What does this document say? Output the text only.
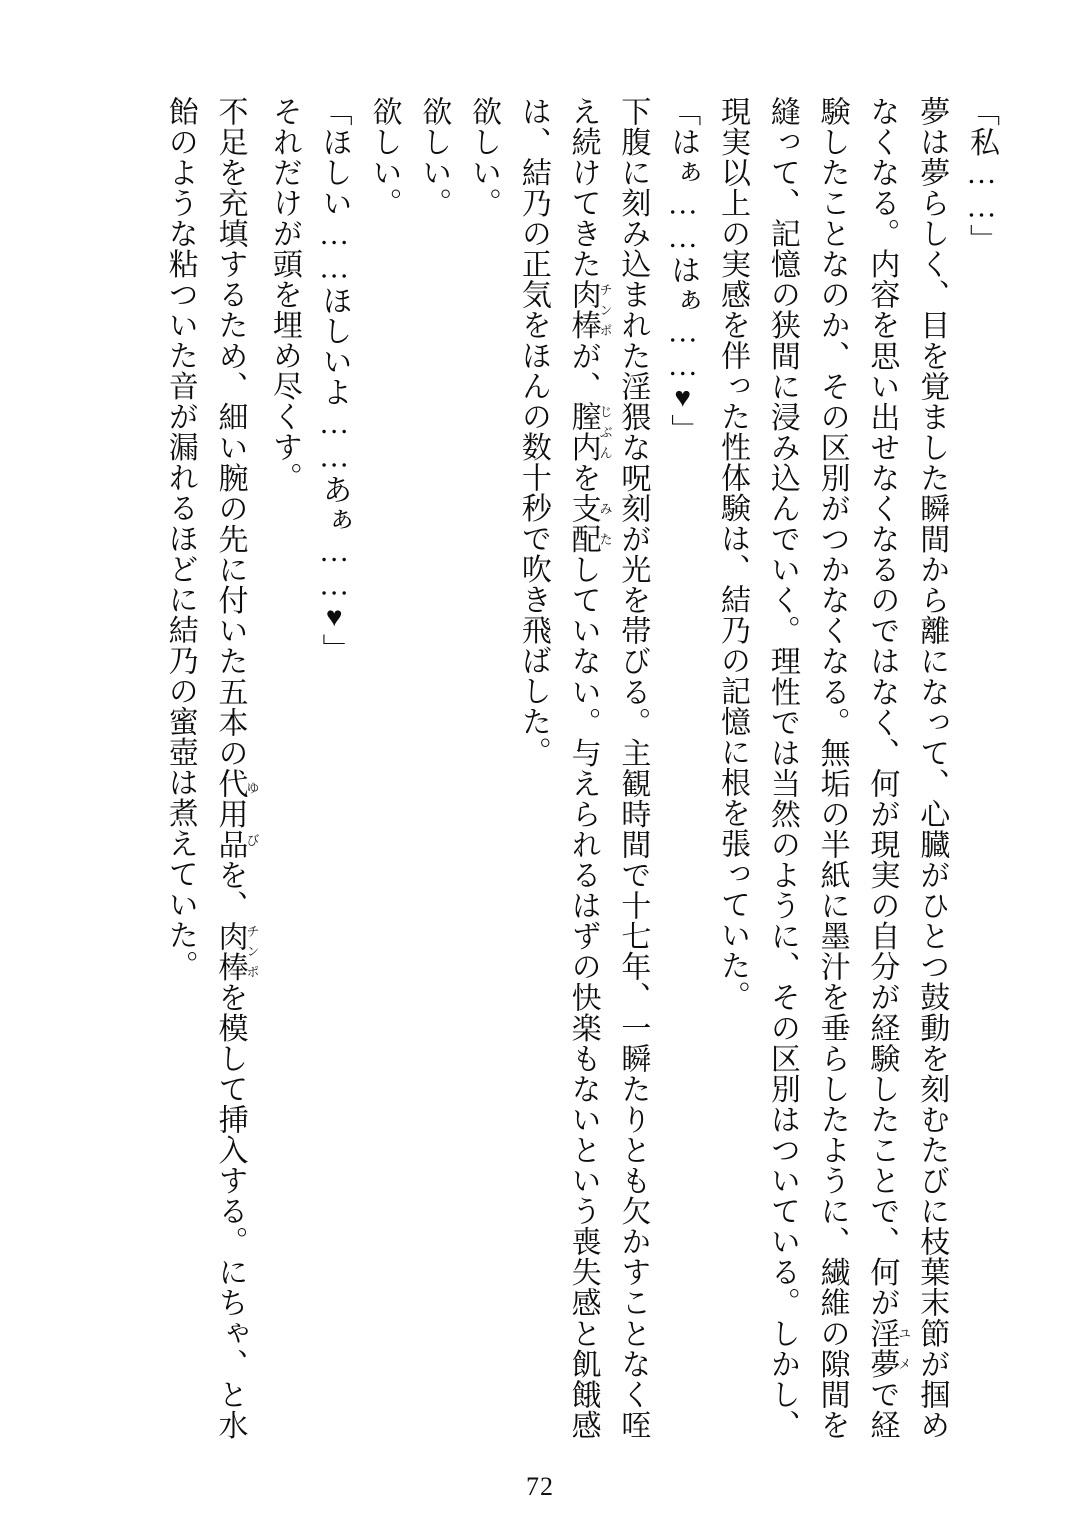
「私……」

夢は夢らしく、目を覚ました瞬間から離になって、心臓がひとつ鼓動を刻むたびに枝葉末節が掴めなくなる。内容を思い出せなくなるのではなく、何が現実の自分が経験したことで、何が淫夢ユメで経験したことなのか、その区別がつかなくなる。無垢の半紙に墨汁を垂らしたように、繊維の隙間を縫って、記憶の狭間に浸み込んでいく。理性では当然のように、その区別はついている。しかし、現実以上の実感を伴った性体験は、結乃の記憶に根を張っていた。

「はぁ……はぁ……♥」

下腹に刻み込まれた淫猥な呪刻が光を帯びる。主観時間で十七年、一瞬たりとも欠かすことなく咥え続けてきた肉棒チンポが、膣内じぶんを支配みたしていない。与えられるはずの快楽もないという喪失感と飢餓感は、結乃の正気をほんの数十秒で吹き飛ばした。

欲しい。

欲しい。

欲しい。

「ほしい……ほしいよ……あぁ……♥」

それだけが頭を埋め尽くす。

不足を充填するため、細い腕の先に付いた五本の代用品ゆびを、肉棒チンポを模して挿入する。にちゃ、と水飴のような粘ついた音が漏れるほどに結乃の蜜壺は煮えていた。

72
